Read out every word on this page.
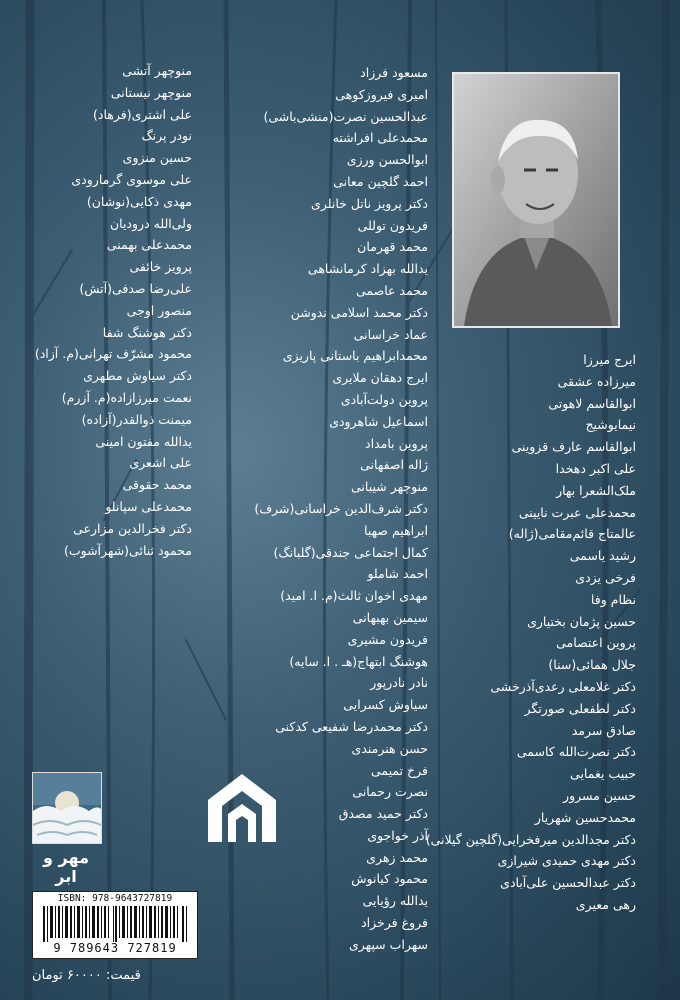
منوچهر آتشی
منوچهر نیستانی
علی اشتری(فرهاد)
نودر پرنگ
حسین منزوی
علی موسوی گرمارودی
مهدی ذکایی(نوشان)
ولی‌الله درودیان
محمدعلی بهمنی
پرویز خائفی
علی‌رضا صدفی(آتش)
منصور اوجی
دکتر هوشنگ شفا
محمود مشرّف تهرانی(م. آزاد)
دکتر سیاوش مطهری
نعمت میرزازاده(م. آزرم)
میمنت ذوالقدر(آزاده)
یدالله مفتون امینی
علی اشعری
محمد حقوقی
محمدعلی سپانلو
دکتر فخرالدین مزارعی
محمود ثنائی(شهرآشوب)
مسعود فرزاد
امیری فیروزکوهی
عبدالحسین نصرت(منشی‌باشی)
محمدعلی افراشته
ابوالحسن ورزی
احمد گلچین معانی
دکتر پرویز ناتل خانلری
فریدون توللی
محمد قهرمان
یدالله بهزاد کرمانشاهی
محمد عاصمی
دکتر محمد اسلامی ندوشن
عماد خراسانی
محمدابراهیم باستانی پاریزی
ایرج دهقان ملایری
پروین دولت‌آبادی
اسماعیل شاهرودی
پروین بامداد
ژاله اصفهانی
منوچهر شیبانی
دکتر شرف‌الدین خراسانی(شرف)
ابراهیم صهبا
کمال اجتماعی جندقی(گلبانگ)
احمد شاملو
مهدی اخوان ثالث(م. ا. امید)
سیمین بهبهانی
فریدون مشیری
هوشنگ ابتهاج(هـ . ا. سایه)
نادر نادرپور
سیاوش کسرایی
دکتر محمدرضا شفیعی کدکنی
حسن هنرمندی
فرخ تمیمی
نصرت رحمانی
دکتر حمید مصدق
آذر خواجوی
محمد زهری
محمود کیانوش
یدالله رؤیایی
فروغ فرخزاد
سهراب سپهری
ایرج میرزا
میرزاده عشقی
ابوالقاسم لاهوتی
نیمایوشیج
ابوالقاسم عارف قزوینی
علی اکبر دهخدا
ملک‌الشعرا بهار
محمدعلی عبرت نایینی
عالمتاج قائم‌مقامی(ژاله)
رشید یاسمی
فرخی یزدی
نظام وفا
حسین پژمان بختیاری
پروین اعتصامی
جلال همائی(سنا)
دکتر غلامعلی رعدی‌آذرخشی
دکتر لطفعلی صورتگر
صادق سرمد
دکتر نصرت‌الله کاسمی
حبیب یغمایی
حسین مسرور
محمدحسین شهریار
دکتر مجدالدین میرفخرایی(گلچین گیلانی)
دکتر مهدی حمیدی شیرازی
دکتر عبدالحسین علی‌آبادی
رهی معیری
مهر و ابر
ISBN: 978-9643727819
9 789643 727819
قیمت: ۶۰۰۰۰ تومان
